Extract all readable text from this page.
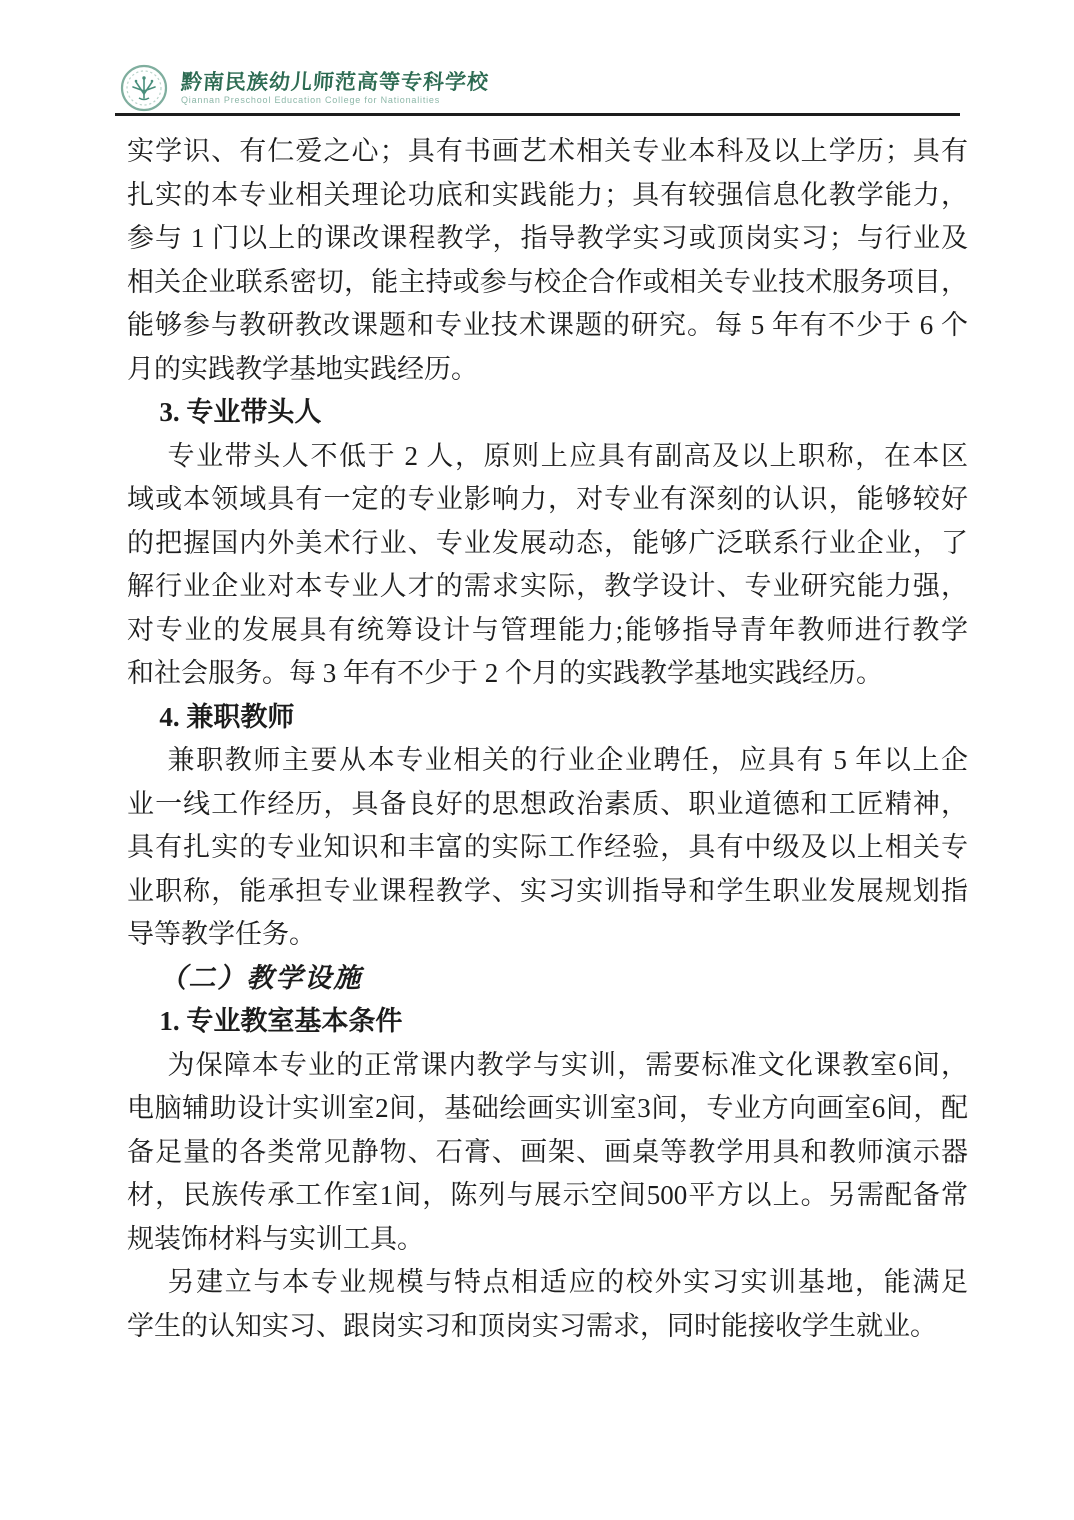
黔南民族幼儿师范高等专科学校
Qiannan Preschool Education College for Nationalities
实学识、有仁爱之心；具有书画艺术相关专业本科及以上学历；具有
扎实的本专业相关理论功底和实践能力；具有较强信息化教学能力，
参与 1 门以上的课改课程教学，指导教学实习或顶岗实习；与行业及
相关企业联系密切，能主持或参与校企合作或相关专业技术服务项目，
能够参与教研教改课题和专业技术课题的研究。每 5 年有不少于 6 个
月的实践教学基地实践经历。
3. 专业带头人
专业带头人不低于 2 人，原则上应具有副高及以上职称，在本区
域或本领域具有一定的专业影响力，对专业有深刻的认识，能够较好
的把握国内外美术行业、专业发展动态，能够广泛联系行业企业，了
解行业企业对本专业人才的需求实际，教学设计、专业研究能力强，
对专业的发展具有统筹设计与管理能力;能够指导青年教师进行教学
和社会服务。每 3 年有不少于 2 个月的实践教学基地实践经历。
4. 兼职教师
兼职教师主要从本专业相关的行业企业聘任，应具有 5 年以上企
业一线工作经历，具备良好的思想政治素质、职业道德和工匠精神，
具有扎实的专业知识和丰富的实际工作经验，具有中级及以上相关专
业职称，能承担专业课程教学、实习实训指导和学生职业发展规划指
导等教学任务。
（二）教学设施
1. 专业教室基本条件
为保障本专业的正常课内教学与实训，需要标准文化课教室6间，
电脑辅助设计实训室2间，基础绘画实训室3间，专业方向画室6间，配
备足量的各类常见静物、石膏、画架、画桌等教学用具和教师演示器
材，民族传承工作室1间，陈列与展示空间500平方以上。另需配备常
规装饰材料与实训工具。
另建立与本专业规模与特点相适应的校外实习实训基地，能满足
学生的认知实习、跟岗实习和顶岗实习需求，同时能接收学生就业。
